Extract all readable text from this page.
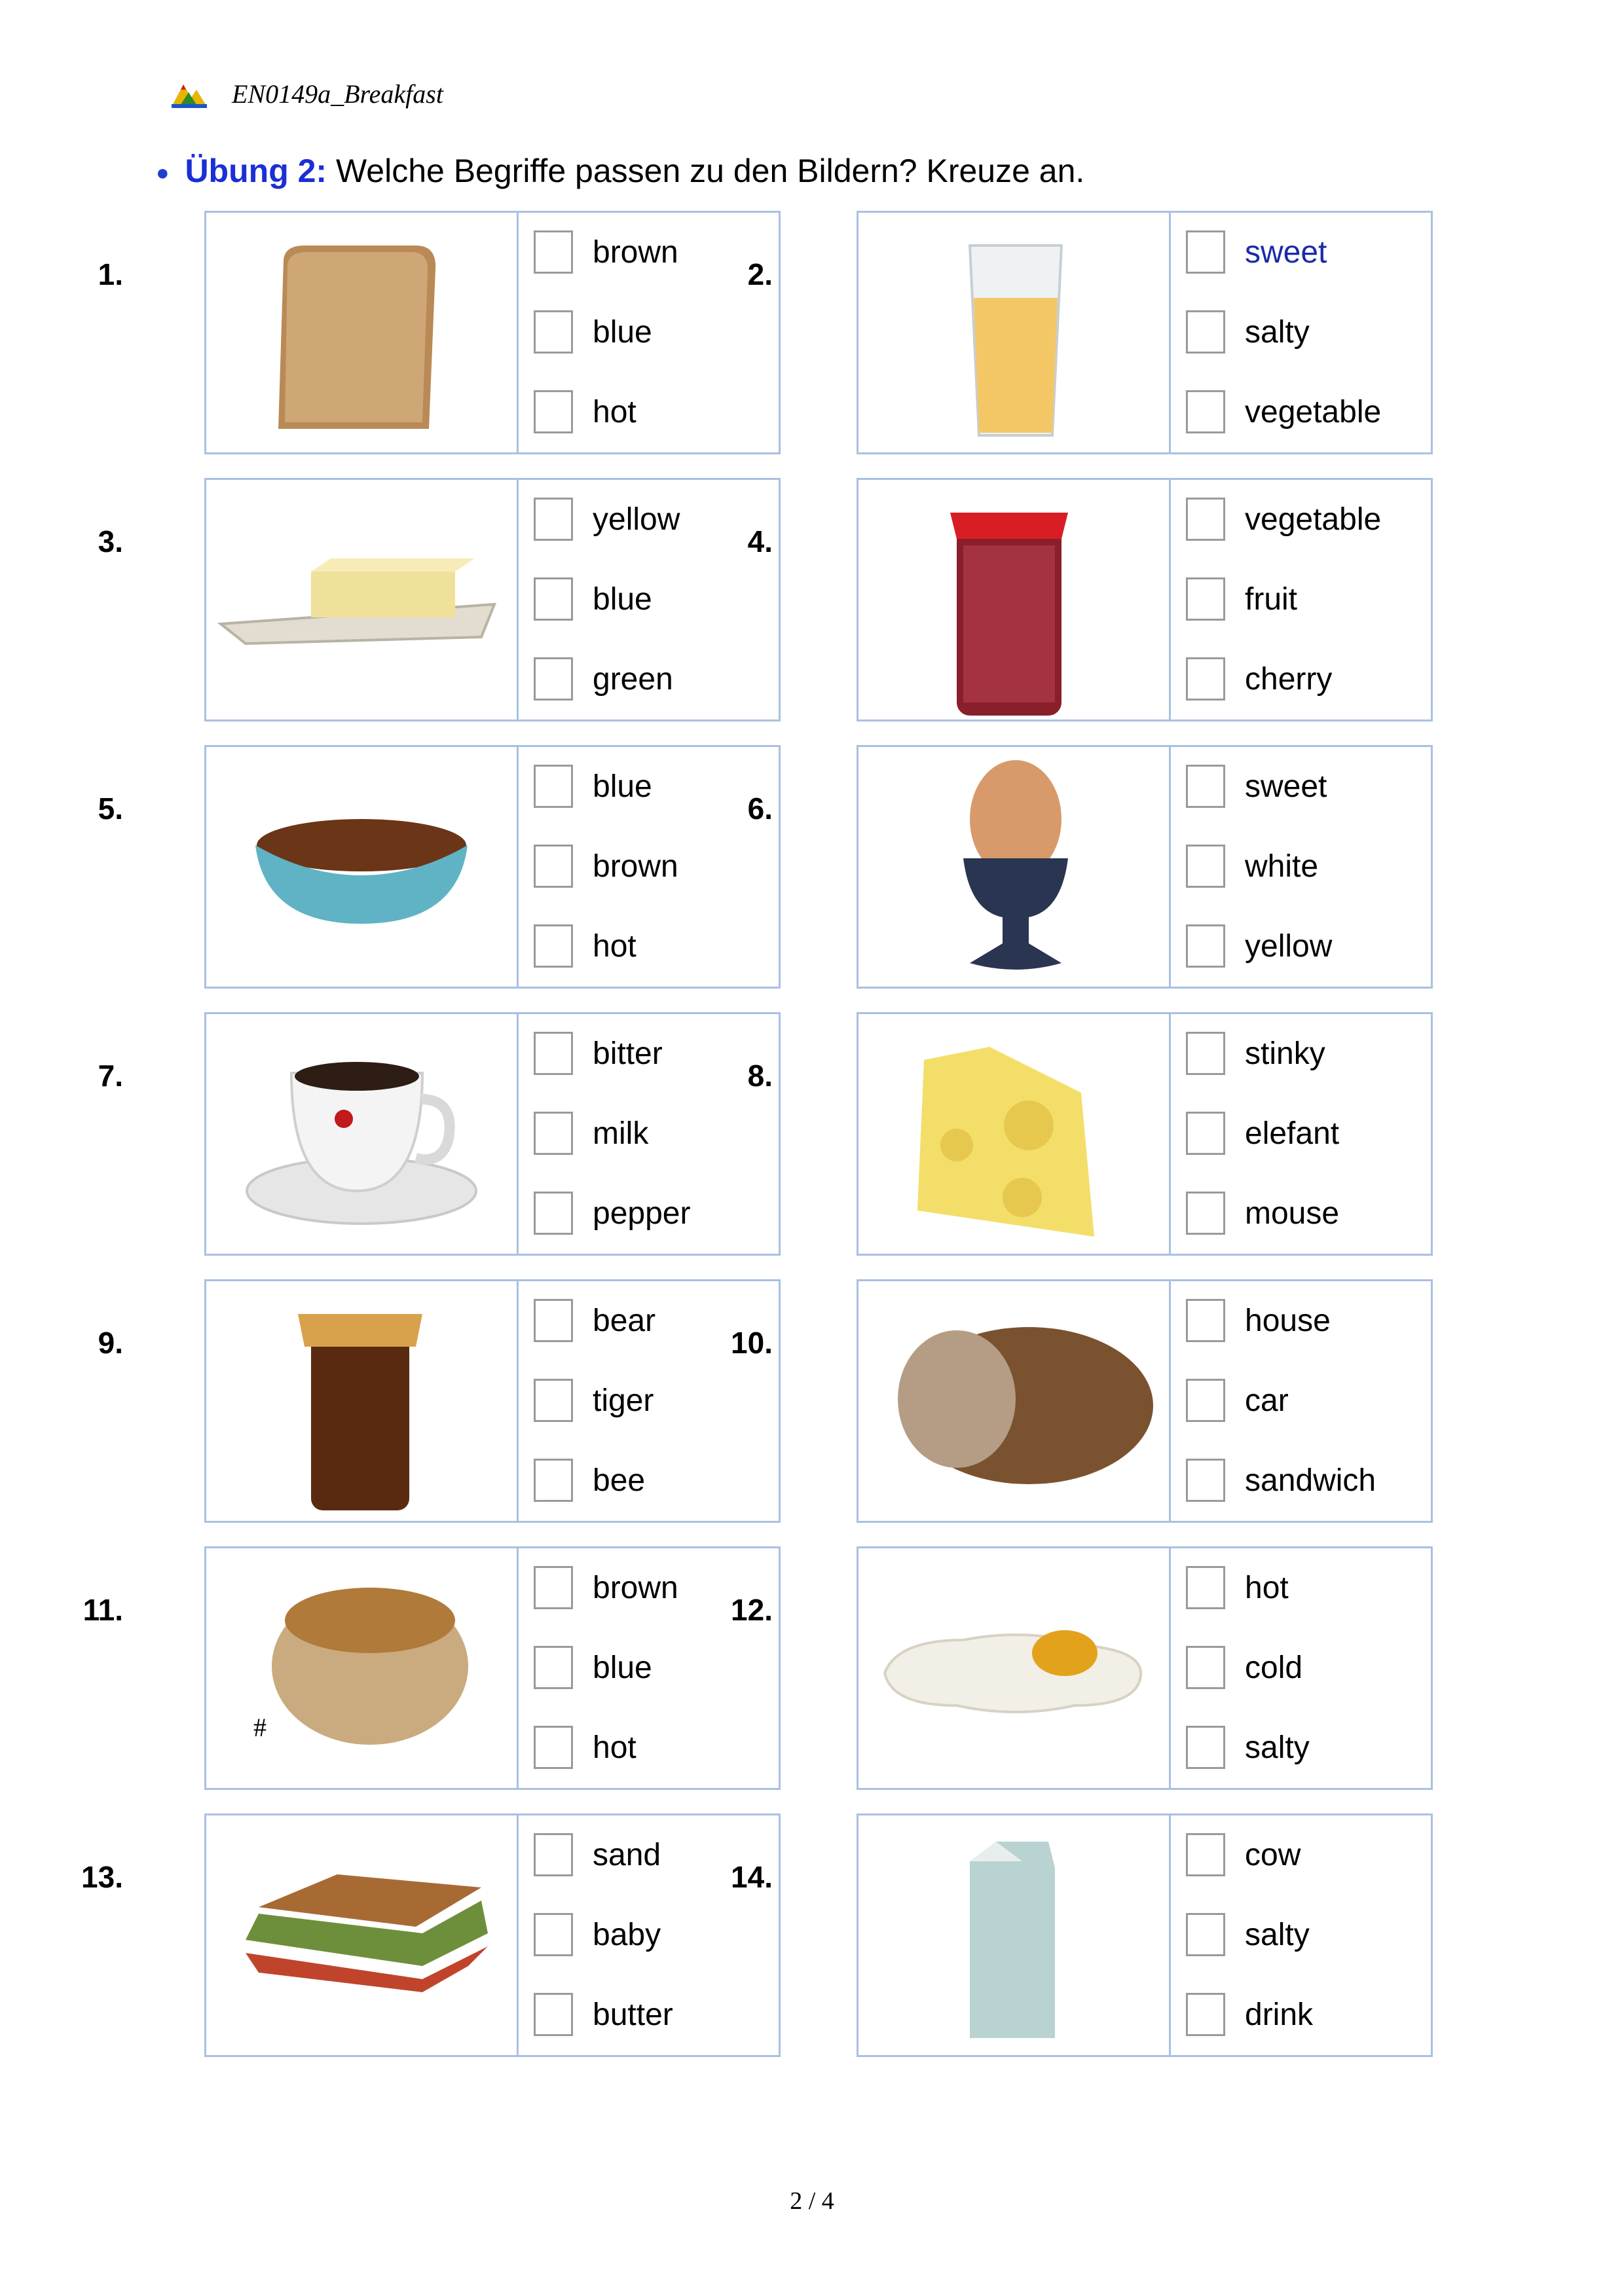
EN0149a_Breakfast
● Übung 2: Welche Begriffe passen zu den Bildern? Kreuze an.
1.
brown
blue
hot
2.
sweet
salty
vegetable
3.
yellow
blue
green
4.
vegetable
fruit
cherry
5.
blue
brown
hot
6.
sweet
white
yellow
7.
bitter
milk
pepper
8.
stinky
elefant
mouse
9.
bear
tiger
bee
10.
house
car
sandwich
11.
#
brown
blue
hot
12.
hot
cold
salty
13.
sand
baby
butter
14.
cow
salty
drink
2 / 4
